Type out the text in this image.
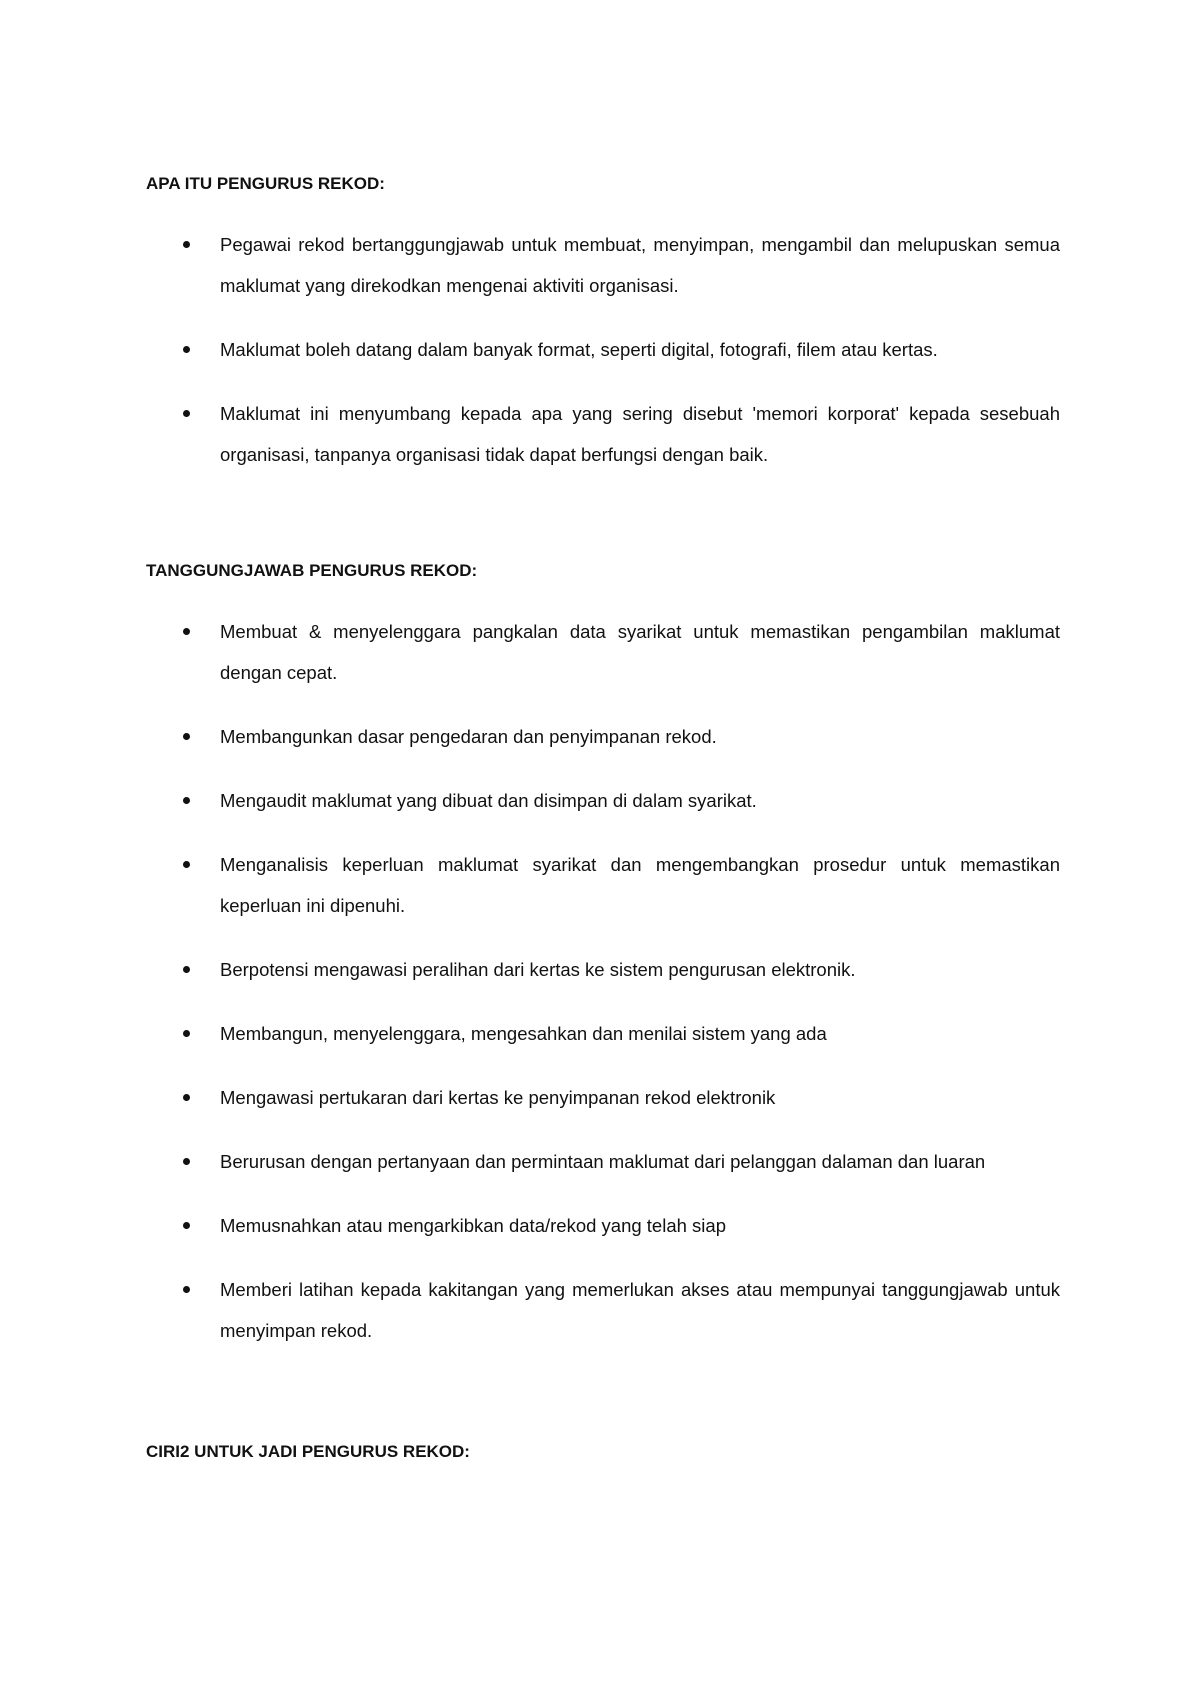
APA ITU PENGURUS REKOD:
Pegawai rekod bertanggungjawab untuk membuat, menyimpan, mengambil dan melupuskan semua maklumat yang direkodkan mengenai aktiviti organisasi.
Maklumat boleh datang dalam banyak format, seperti digital, fotografi, filem atau kertas.
Maklumat ini menyumbang kepada apa yang sering disebut 'memori korporat' kepada sesebuah organisasi, tanpanya organisasi tidak dapat berfungsi dengan baik.
TANGGUNGJAWAB PENGURUS REKOD:
Membuat & menyelenggara pangkalan data syarikat untuk memastikan pengambilan maklumat dengan cepat.
Membangunkan dasar pengedaran dan penyimpanan rekod.
Mengaudit maklumat yang dibuat dan disimpan di dalam syarikat.
Menganalisis keperluan maklumat syarikat dan mengembangkan prosedur untuk memastikan keperluan ini dipenuhi.
Berpotensi mengawasi peralihan dari kertas ke sistem pengurusan elektronik.
Membangun, menyelenggara, mengesahkan dan menilai sistem yang ada
Mengawasi pertukaran dari kertas ke penyimpanan rekod elektronik
Berurusan dengan pertanyaan dan permintaan maklumat dari pelanggan dalaman dan luaran
Memusnahkan atau mengarkibkan data/rekod yang telah siap
Memberi latihan kepada kakitangan yang memerlukan akses atau mempunyai tanggungjawab untuk menyimpan rekod.
CIRI2 UNTUK JADI PENGURUS REKOD:
